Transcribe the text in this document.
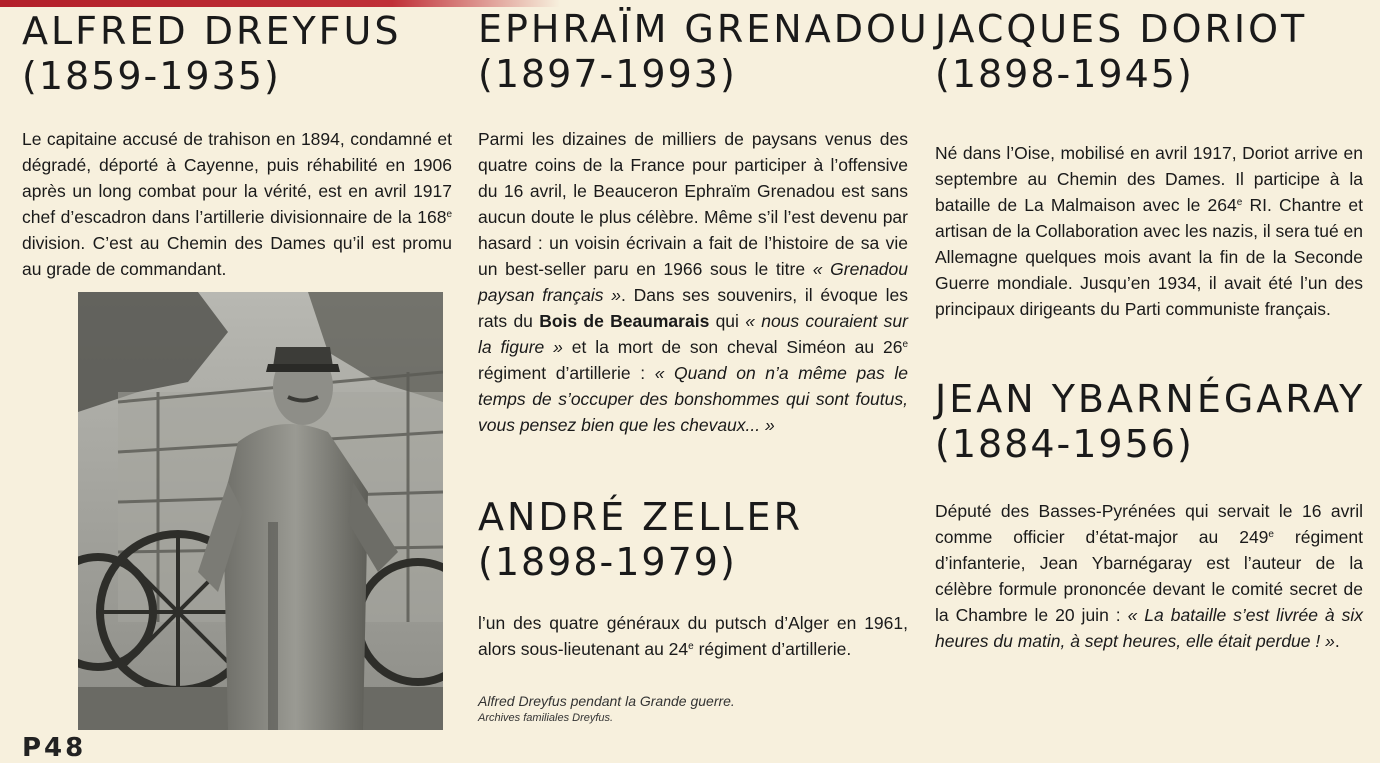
ALFRED DREYFUS
(1859-1935)

Le capitaine accusé de trahison en 1894, condamné et dégradé, déporté à Cayenne, puis réhabilité en 1906 après un long combat pour la vérité, est en avril 1917 chef d’escadron dans l’artillerie divisionnaire de la 168e division. C’est au Chemin des Dames qu’il est promu au grade de commandant.

EPHRAÏM GRENADOU
(1897-1993)

Parmi les dizaines de milliers de paysans venus des quatre coins de la France pour participer à l’offensive du 16 avril, le Beauceron Ephraïm Grenadou est sans aucun doute le plus célèbre. Même s’il l’est devenu par hasard : un voisin écrivain a fait de l’histoire de sa vie un best-seller paru en 1966 sous le titre « Grenadou paysan français ». Dans ses souvenirs, il évoque les rats du Bois de Beaumarais qui « nous couraient sur la figure » et la mort de son cheval Siméon au 26e régiment d’artillerie : « Quand on n’a même pas le temps de s’occuper des bonshommes qui sont foutus, vous pensez bien que les chevaux... »

ANDRÉ ZELLER
(1898-1979)

l’un des quatre généraux du putsch d’Alger en 1961, alors sous-lieutenant au 24e régiment d’artillerie.

Alfred Dreyfus pendant la Grande guerre.
Archives familiales Dreyfus.
JACQUES DORIOT
(1898-1945)

Né dans l’Oise, mobilisé en avril 1917, Doriot arrive en septembre au Chemin des Dames. Il participe à la bataille de La Malmaison avec le 264e RI. Chantre et artisan de la Collaboration avec les nazis, il sera tué en Allemagne quelques mois avant la fin de la Seconde Guerre mondiale. Jusqu’en 1934, il avait été l’un des principaux dirigeants du Parti communiste français.

JEAN YBARNÉGARAY
(1884-1956)

Député des Basses-Pyrénées qui servait le 16 avril comme officier d’état-major au 249e régiment d’infanterie, Jean Ybarnégaray est l’auteur de la célèbre formule prononcée devant le comité secret de la Chambre le 20 juin : « La bataille s’est livrée à six heures du matin, à sept heures, elle était perdue ! ».

P48
